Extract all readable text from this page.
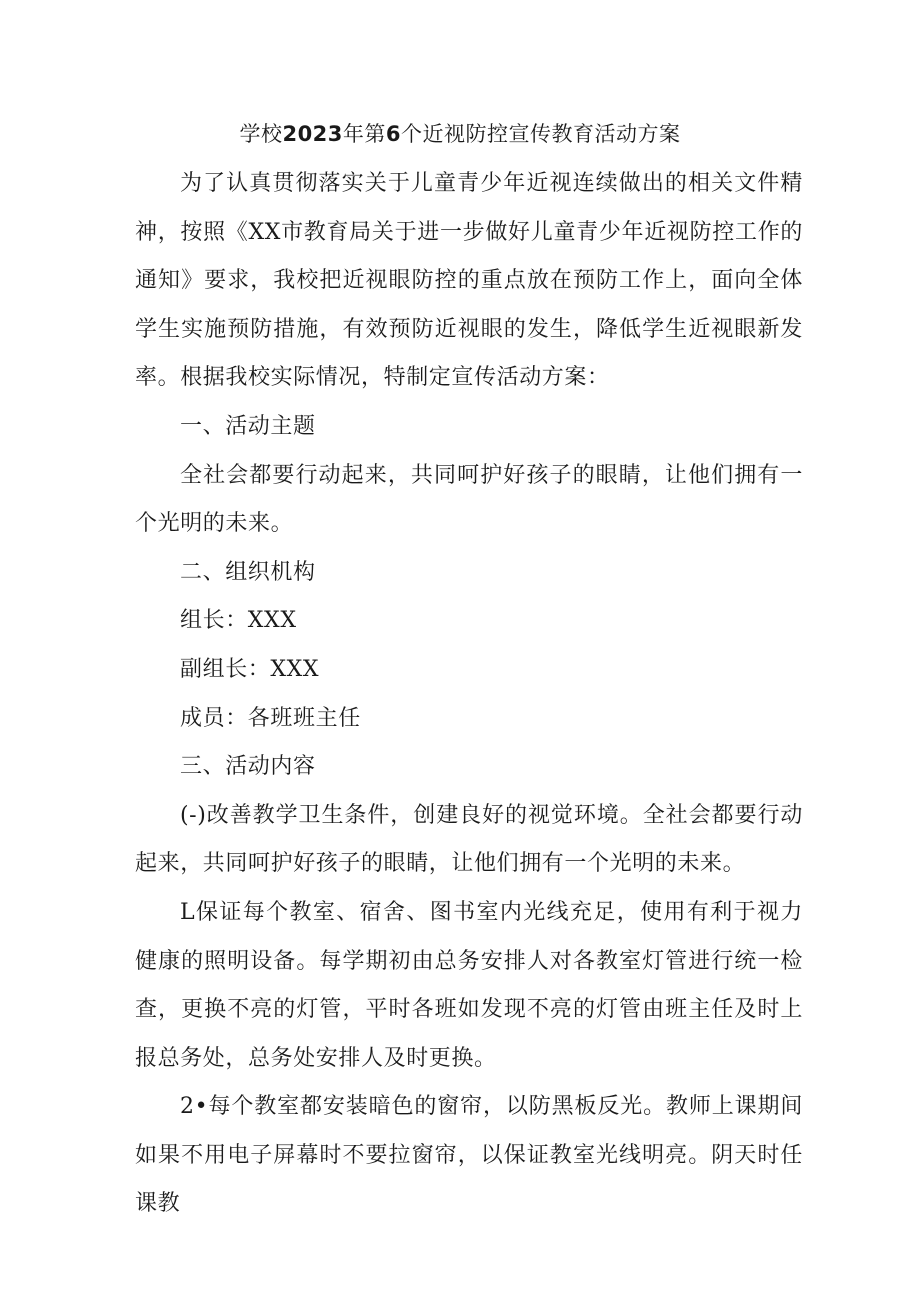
学校2023年第6个近视防控宣传教育活动方案

为了认真贯彻落实关于儿童青少年近视连续做出的相关文件精神，按照《XX市教育局关于进一步做好儿童青少年近视防控工作的通知》要求，我校把近视眼防控的重点放在预防工作上，面向全体学生实施预防措施，有效预防近视眼的发生，降低学生近视眼新发率。根据我校实际情况，特制定宣传活动方案：

一、活动主题

全社会都要行动起来，共同呵护好孩子的眼睛，让他们拥有一个光明的未来。

二、组织机构

组长：XXX

副组长：XXX

成员：各班班主任

三、活动内容

(-)改善教学卫生条件，创建良好的视觉环境。全社会都要行动起来，共同呵护好孩子的眼睛，让他们拥有一个光明的未来。

L保证每个教室、宿舍、图书室内光线充足，使用有利于视力健康的照明设备。每学期初由总务安排人对各教室灯管进行统一检查，更换不亮的灯管，平时各班如发现不亮的灯管由班主任及时上报总务处，总务处安排人及时更换。

2•每个教室都安装暗色的窗帘，以防黑板反光。教师上课期间如果不用电子屏幕时不要拉窗帘，以保证教室光线明亮。阴天时任课教
